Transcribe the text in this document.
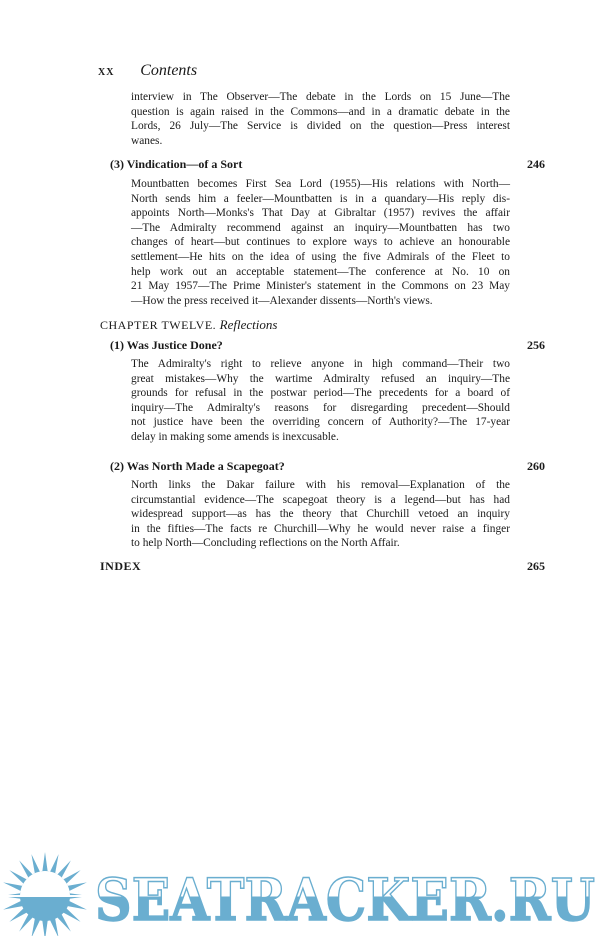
xx Contents
interview in The Observer—The debate in the Lords on 15 June—The
question is again raised in the Commons—and in a dramatic debate in the
Lords, 26 July—The Service is divided on the question—Press interest
wanes.
(3) Vindication—of a Sort	246
Mountbatten becomes First Sea Lord (1955)—His relations with North—
North sends him a feeler—Mountbatten is in a quandary—His reply dis-
appoints North—Monks's That Day at Gibraltar (1957) revives the affair
—The Admiralty recommend against an inquiry—Mountbatten has two
changes of heart—but continues to explore ways to achieve an honourable
settlement—He hits on the idea of using the five Admirals of the Fleet to
help work out an acceptable statement—The conference at No. 10 on
21 May 1957—The Prime Minister's statement in the Commons on 23 May
—How the press received it—Alexander dissents—North's views.
CHAPTER TWELVE. Reflections
(1) Was Justice Done?	256
The Admiralty's right to relieve anyone in high command—Their two
great mistakes—Why the wartime Admiralty refused an inquiry—The
grounds for refusal in the postwar period—The precedents for a board of
inquiry—The Admiralty's reasons for disregarding precedent—Should
not justice have been the overriding concern of Authority?—The 17-year
delay in making some amends is inexcusable.
(2) Was North Made a Scapegoat?	260
North links the Dakar failure with his removal—Explanation of the
circumstantial evidence—The scapegoat theory is a legend—but has had
widespread support—as has the theory that Churchill vetoed an inquiry
in the fifties—The facts re Churchill—Why he would never raise a finger
to help North—Concluding reflections on the North Affair.
INDEX	265
SEATRACKER.RU
